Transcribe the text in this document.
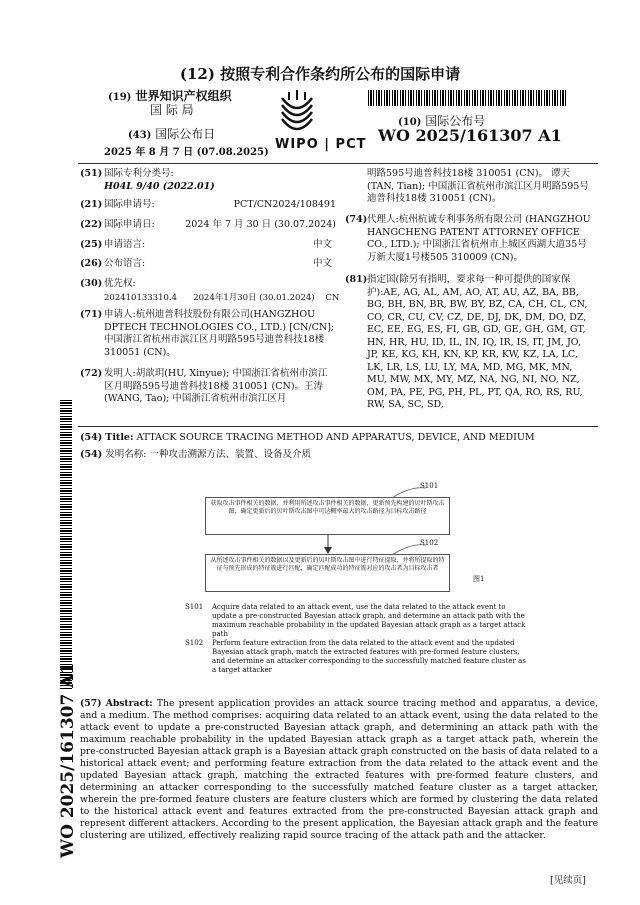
(12) 按照专利合作条约所公布的国际申请
(19) 世界知识产权组织
国 际 局
(43) 国际公布日
2025 年 8 月 7 日 (07.08.2025)
WIPO | PCT
(10) 国际公布号
WO 2025/161307 A1
(51) 国际专利分类号:
H04L 9/40 (2022.01)
(21) 国际申请号:	PCT/CN2024/108491
(22) 国际申请日:	2024 年 7 月 30 日 (30.07.2024)
(25) 申请语言:	中文
(26) 公布语言:	中文
(30) 优先权:
202410133310.4      2024年1月30日 (30.01.2024)    CN
(71) 申请人:杭州迪普科技股份有限公司(HANGZHOU DPTECH TECHNOLOGIES CO., LTD.) [CN/CN]; 中国浙江省杭州市滨江区月明路595号迪普科技18楼 310051 (CN)。
(72) 发明人:胡歆玥(HU, Xinyue); 中国浙江省杭州市滨江区月明路595号迪普科技18楼 310051 (CN)。王涛(WANG, Tao); 中国浙江省杭州市滨江区月
明路595号迪普科技18楼 310051 (CN)。 谭天(TAN, Tian); 中国浙江省杭州市滨江区月明路595号迪普科技18楼 310051 (CN)。
(74) 代理人:杭州杭诚专利事务所有限公司 (HANGZHOU HANGCHENG PATENT ATTORNEY OFFICE CO., LTD.); 中国浙江省杭州市上城区西湖大道35号万新大厦1号楼505 310009 (CN)。
(81) 指定国(除另有指明，要求每一种可提供的国家保护):AE, AG, AL, AM, AO, AT, AU, AZ, BA, BB, BG, BH, BN, BR, BW, BY, BZ, CA, CH, CL, CN, CO, CR, CU, CV, CZ, DE, DJ, DK, DM, DO, DZ, EC, EE, EG, ES, FI, GB, GD, GE, GH, GM, GT, HN, HR, HU, ID, IL, IN, IQ, IR, IS, IT, JM, JO, JP, KE, KG, KH, KN, KP, KR, KW, KZ, LA, LC, LK, LR, LS, LU, LY, MA, MD, MG, MK, MN, MU, MW, MX, MY, MZ, NA, NG, NI, NO, NZ, OM, PA, PE, PG, PH, PL, PT, QA, RO, RS, RU, RW, SA, SC, SD,
WO 2025/161307 A1
(54) Title: ATTACK SOURCE TRACING METHOD AND APPARATUS, DEVICE, AND MEDIUM
(54) 发明名称: 一种攻击溯源方法、装置、设备及介质
S101
获取攻击事件相关的数据，并利用所述攻击事件相关的数据，更新预先构建的贝叶斯攻击图，确定更新后的贝叶斯攻击图中可达概率最大的攻击路径为目标攻击路径
S102
从所述攻击事件相关的数据以及更新后的贝叶斯攻击图中进行特征提取，并将所提取的特征与预先形成的特征簇进行匹配，确定匹配成功的特征簇对应的攻击者为目标攻击者
图1
S101 Acquire data related to an attack event, use the data related to the attack event to update a pre-constructed Bayesian attack graph, and determine an attack path with the maximum reachable probability in the updated Bayesian attack graph as a target attack path
S102 Perform feature extraction from the data related to the attack event and the updated Bayesian attack graph, match the extracted features with pre-formed feature clusters, and determine an attacker corresponding to the successfully matched feature cluster as a target attacker
(57) Abstract: The present application provides an attack source tracing method and apparatus, a device, and a medium. The method comprises: acquiring data related to an attack event, using the data related to the attack event to update a pre-constructed Bayesian attack graph, and determining an attack path with the maximum reachable probability in the updated Bayesian attack graph as a target attack path, wherein the pre-constructed Bayesian attack graph is a Bayesian attack graph constructed on the basis of data related to a historical attack event; and performing feature extraction from the data related to the attack event and the updated Bayesian attack graph, matching the extracted features with pre-formed feature clusters, and determining an attacker corresponding to the successfully matched feature cluster as a target attacker, wherein the pre-formed feature clusters are feature clusters which are formed by clustering the data related to the historical attack event and features extracted from the pre-constructed Bayesian attack graph and represent different attackers. According to the present application, the Bayesian attack graph and the feature clustering are utilized, effectively realizing rapid source tracing of the attack path and the attacker.
[见续页]
